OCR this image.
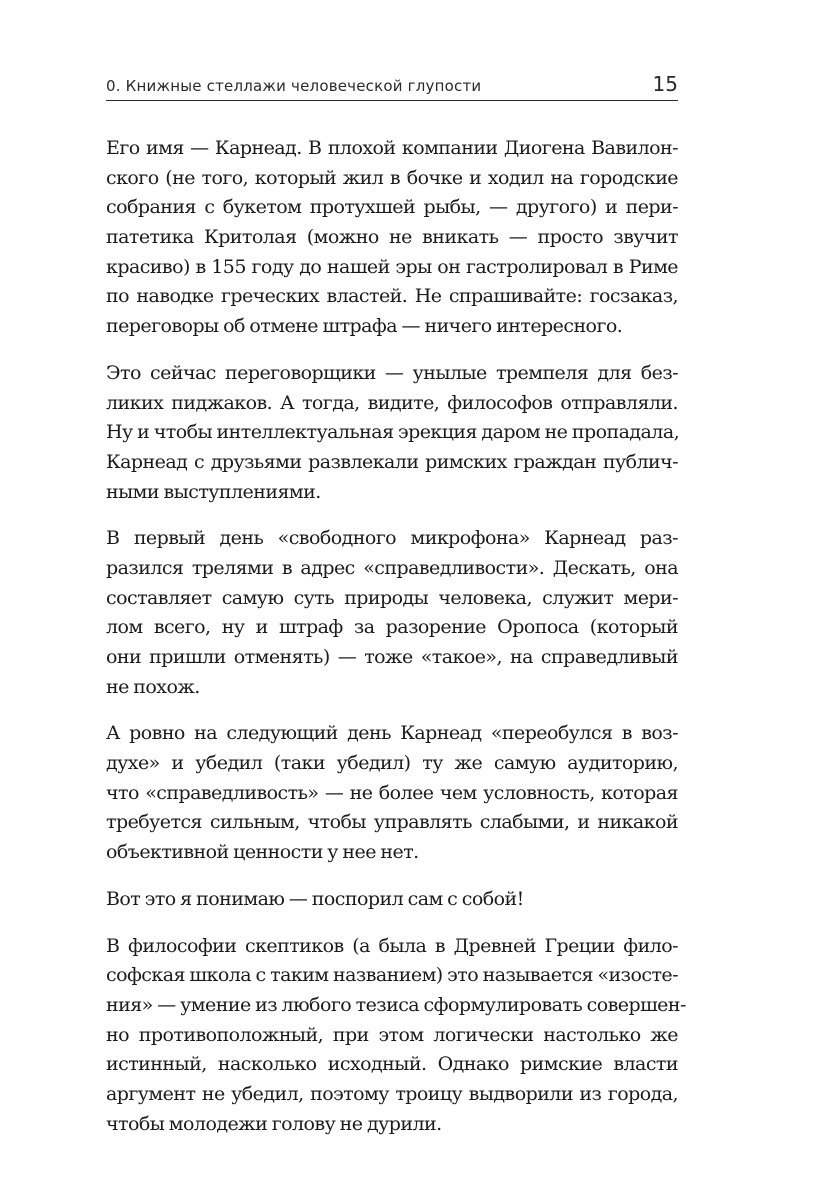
0. Книжные стеллажи человеческой глупости	15
Его имя — Карнеад. В плохой компании Диогена Вавилон-
ского (не того, который жил в бочке и ходил на городские
собрания с букетом протухшей рыбы, — другого) и пери-
патетика Критолая (можно не вникать — просто звучит
красиво) в 155 году до нашей эры он гастролировал в Риме
по наводке греческих властей. Не спрашивайте: госзаказ,
переговоры об отмене штрафа — ничего интересного.
Это сейчас переговорщики — унылые тремпеля для без-
ликих пиджаков. А тогда, видите, философов отправляли.
Ну и чтобы интеллектуальная эрекция даром не пропадала,
Карнеад с друзьями развлекали римских граждан публич-
ными выступлениями.
В первый день «свободного микрофона» Карнеад раз-
разился трелями в адрес «справедливости». Дескать, она
составляет самую суть природы человека, служит мери-
лом всего, ну и штраф за разорение Оропоса (который
они пришли отменять) — тоже «такое», на справедливый
не похож.
А ровно на следующий день Карнеад «переобулся в воз-
духе» и убедил (таки убедил) ту же самую аудиторию,
что «справедливость» — не более чем условность, которая
требуется сильным, чтобы управлять слабыми, и никакой
объективной ценности у нее нет.
Вот это я понимаю — поспорил сам с собой!
В философии скептиков (а была в Древней Греции фило-
софская школа с таким названием) это называется «изосте-
ния» — умение из любого тезиса сформулировать совершен-
но противоположный, при этом логически настолько же
истинный, насколько исходный. Однако римские власти
аргумент не убедил, поэтому троицу выдворили из города,
чтобы молодежи голову не дурили.
